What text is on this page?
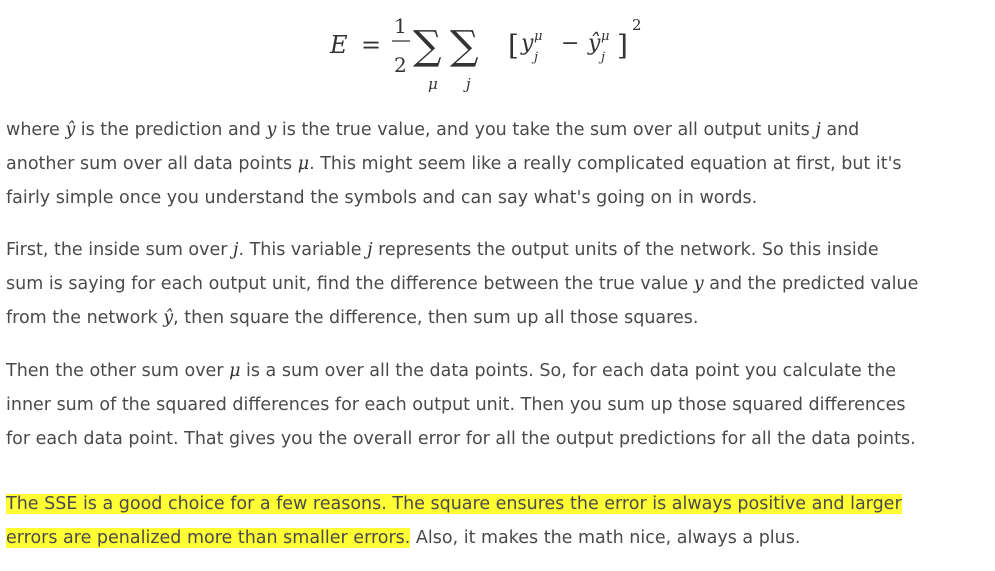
E =
1
2 ∑ ∑
μ j
[ y μ
j
− ŷ μ
j ]
2

where ŷ is the prediction and y is the true value, and you take the sum over all output units j and
another sum over all data points μ. This might seem like a really complicated equation at first, but it's
fairly simple once you understand the symbols and can say what's going on in words.

First, the inside sum over j. This variable j represents the output units of the network. So this inside
sum is saying for each output unit, find the difference between the true value y and the predicted value
from the network ŷ, then square the difference, then sum up all those squares.

Then the other sum over μ is a sum over all the data points. So, for each data point you calculate the
inner sum of the squared differences for each output unit. Then you sum up those squared differences
for each data point. That gives you the overall error for all the output predictions for all the data points.

The SSE is a good choice for a few reasons. The square ensures the error is always positive and larger
errors are penalized more than smaller errors. Also, it makes the math nice, always a plus.
